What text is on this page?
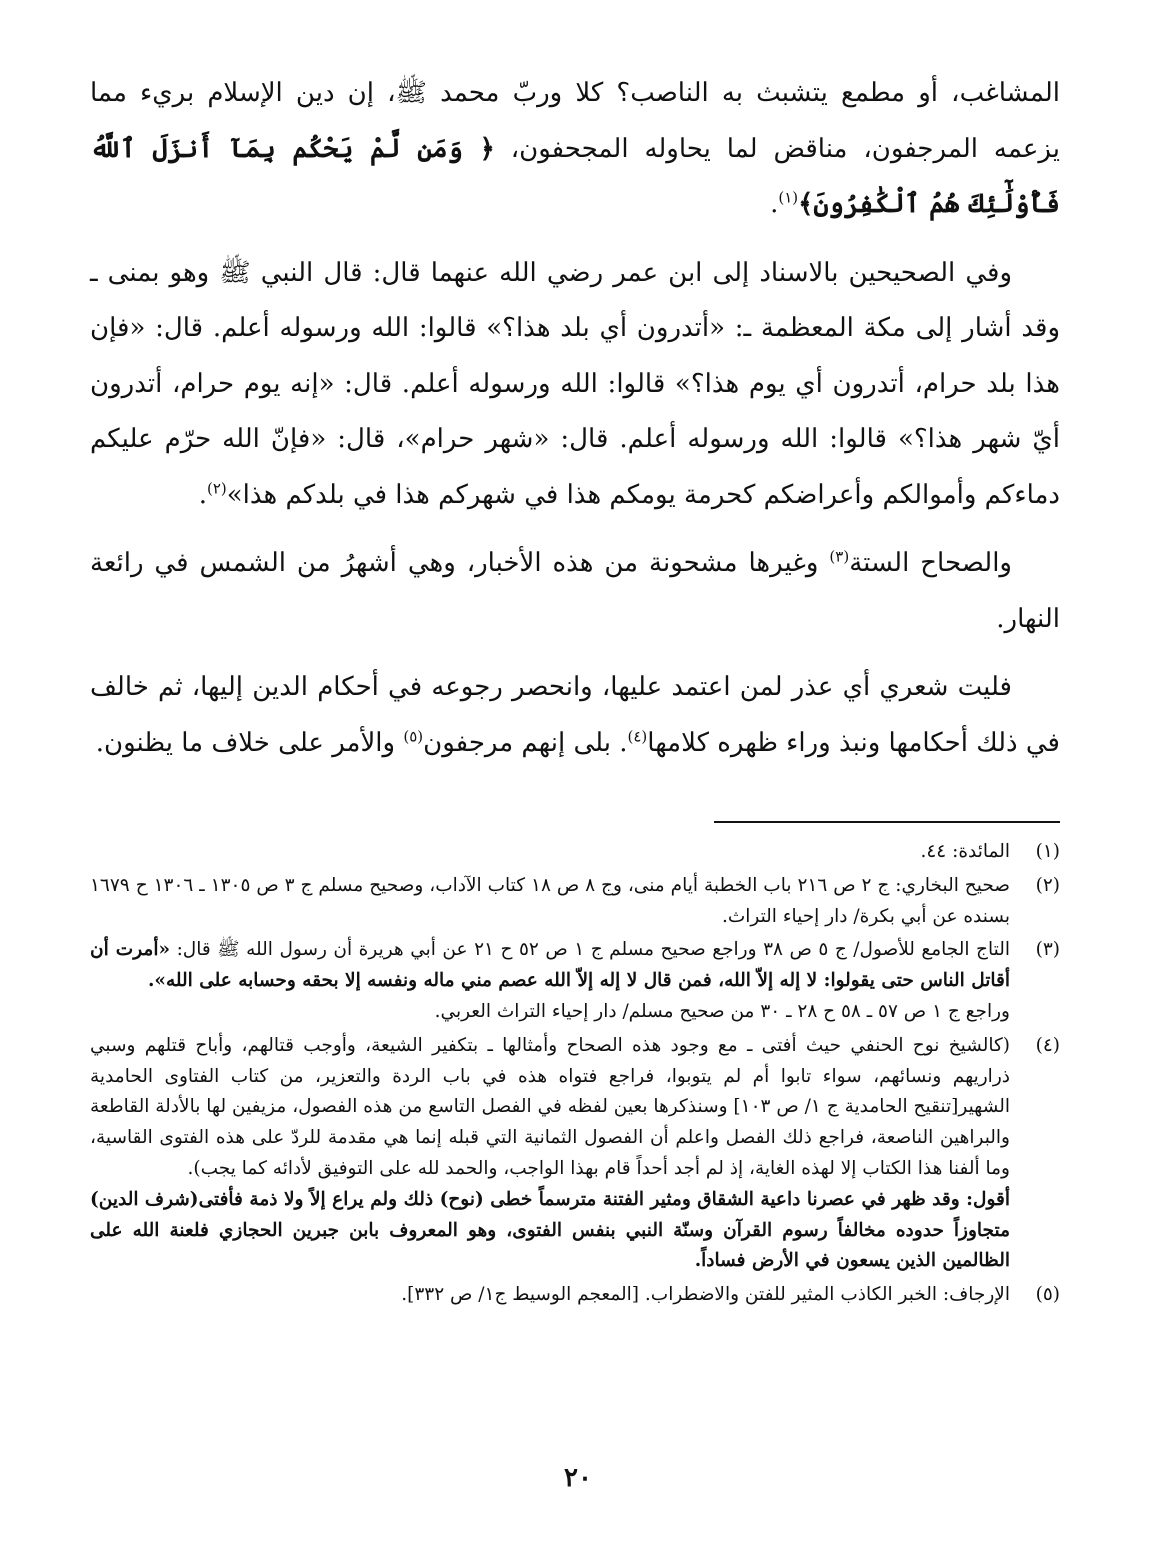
المشاغب، أو مطمع يتشبث به الناصب؟ كلا وربّ محمد ﷺ، إن دين الإسلام بريء مما يزعمه المرجفون، مناقض لما يحاوله المجحفون، ﴿ وَمَن لَّمْ يَحْكُم بِمَآ أَنزَلَ ٱللَّهُ فَأُوْلَٰٓئِكَ هُمُ ٱلْكَٰفِرُونَ﴾$^{(١)}$.

وفي الصحيحين بالاسناد إلى ابن عمر رضي الله عنهما قال: قال النبي ﷺ وهو بمنى ـ وقد أشار إلى مكة المعظمة ـ: «أتدرون أي بلد هذا؟» قالوا: الله ورسوله أعلم. قال: «فإن هذا بلد حرام، أتدرون أي يوم هذا؟» قالوا: الله ورسوله أعلم. قال: «إنه يوم حرام، أتدرون أيّ شهر هذا؟» قالوا: الله ورسوله أعلم. قال: «شهر حرام»، قال: «فإنّ الله حرّم عليكم دماءكم وأموالكم وأعراضكم كحرمة يومكم هذا في شهركم هذا في بلدكم هذا»$^{(٢)}$.

والصحاح الستة$^{(٣)}$ وغيرها مشحونة من هذه الأخبار، وهي أشهرُ من الشمس في رائعة النهار.

فليت شعري أي عذر لمن اعتمد عليها، وانحصر رجوعه في أحكام الدين إليها، ثم خالف في ذلك أحكامها ونبذ وراء ظهره كلامها$^{(٤)}$. بلى إنهم مرجفون$^{(٥)}$ والأمر على خلاف ما يظنون.

(١)
المائدة: ٤٤.
(٢)
صحيح البخاري: ج ٢ ص ٢١٦ باب الخطبة أيام منى، وج ٨ ص ١٨ كتاب الآداب، وصحيح مسلم ج ٣ ص ١٣٠٥ ـ ١٣٠٦ ح ١٦٧٩ بسنده عن أبي بكرة/ دار إحياء التراث.
(٣)
التاج الجامع للأصول/ ج ٥ ص ٣٨ وراجع صحيح مسلم ج ١ ص ٥٢ ح ٢١ عن أبي هريرة أن رسول الله ﷺ قال: «أمرت أن أقاتل الناس حتى يقولوا: لا إله إلاّ الله، فمن قال لا إله إلاّ الله عصم مني ماله ونفسه إلا بحقه وحسابه على الله».
وراجع ج ١ ص ٥٧ ـ ٥٨ ح ٢٨ ـ ٣٠ من صحيح مسلم/ دار إحياء التراث العربي.
(٤)
(كالشيخ نوح الحنفي حيث أفتى ـ مع وجود هذه الصحاح وأمثالها ـ بتكفير الشيعة، وأوجب قتالهم، وأباح قتلهم وسبي ذراريهم ونسائهم، سواء تابوا أم لم يتوبوا، فراجع فتواه هذه في باب الردة والتعزير، من كتاب الفتاوى الحامدية الشهير[تنقيح الحامدية ج ١/ ص ١٠٣] وسنذكرها بعين لفظه في الفصل التاسع من هذه الفصول، مزيفين لها بالأدلة القاطعة والبراهين الناصعة، فراجع ذلك الفصل واعلم أن الفصول الثمانية التي قبله إنما هي مقدمة للردّ على هذه الفتوى القاسية، وما ألفنا هذا الكتاب إلا لهذه الغاية، إذ لم أجد أحداً قام بهذا الواجب، والحمد لله على التوفيق لأدائه كما يجب).
(شرف الدين) أقول: وقد ظهر في عصرنا داعية الشقاق ومثير الفتنة مترسماً خطى (نوح) ذلك ولم يراع إلاً ولا ذمة فأفتى متجاوزاً حدوده مخالفاً رسوم القرآن وسنّة النبي بنفس الفتوى، وهو المعروف بابن جبرين الحجازي فلعنة الله على الظالمين الذين يسعون في الأرض فساداً.
(٥)
الإرجاف: الخبر الكاذب المثير للفتن والاضطراب. [المعجم الوسيط ج١/ ص ٣٣٢].
٢٠
